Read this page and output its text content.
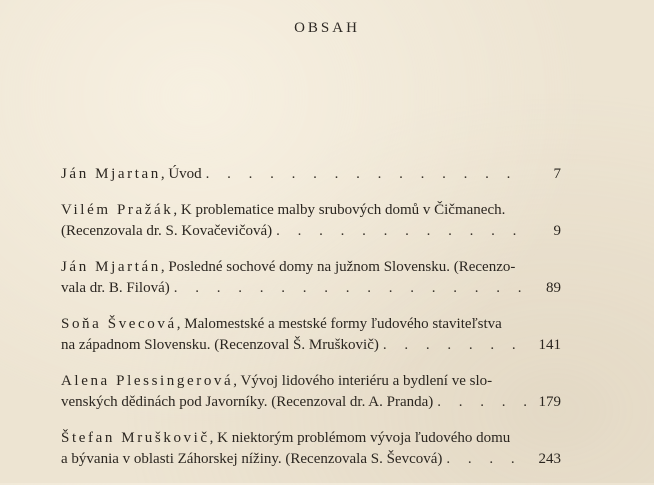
OBSAH
Ján Mjartan, Úvod . . .	7
Vilém Pražák, K problematice malby srubových domů v Čičmanech.
(Recenzovala dr. S. Kovačevičová) . . .	9
Ján Mjartán, Posledné sochové domy na južnom Slovensku. (Recenzo-
vala dr. B. Filová) . . .	89
Soňa Švecová, Malomestské a mestské formy ľudového staviteľstva
na západnom Slovensku. (Recenzoval Š. Mruškovič) . . .	141
Alena Plessingerová, Vývoj lidového interiéru a bydlení ve slo-
venských dědinách pod Javorníky. (Recenzoval dr. A. Pranda) . . .	179
Štefan Mruškovič, K niektorým problémom vývoja ľudového domu
a bývania v oblasti Záhorskej nížiny. (Recenzovala S. Ševcová) . . .	243
